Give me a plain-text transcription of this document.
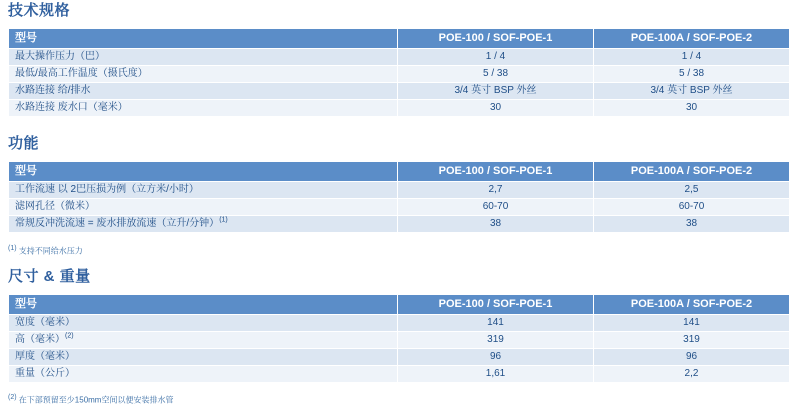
技术规格
型号	POE-100 / SOF-POE-1	POE-100A / SOF-POE-2
最大操作压力（巴）	1 / 4	1 / 4
最低/最高工作温度（摄氏度）	5 / 38	5 / 38
水路连接 给/排水	3/4 英寸 BSP 外丝	3/4 英寸 BSP 外丝
水路连接 废水口（毫米）	30	30
功能
型号	POE-100 / SOF-POE-1	POE-100A / SOF-POE-2
工作流速 以 2巴压损为例（立方米/小时）	2,7	2,5
滤网孔径（微米）	60-70	60-70
常规反冲洗流速 = 废水排放流速（立升/分钟）$^{(1)}$	38	38

$^{(1)}$ 支持不同给水压力

尺寸 & 重量
型号	POE-100 / SOF-POE-1	POE-100A / SOF-POE-2
宽度（毫米）	141	141
高（毫米）$^{(2)}$	319	319
厚度（毫米）	96	96
重量（公斤）	1,61	2,2

$^{(2)}$ 在下部预留至少150mm空间以便安装排水管
